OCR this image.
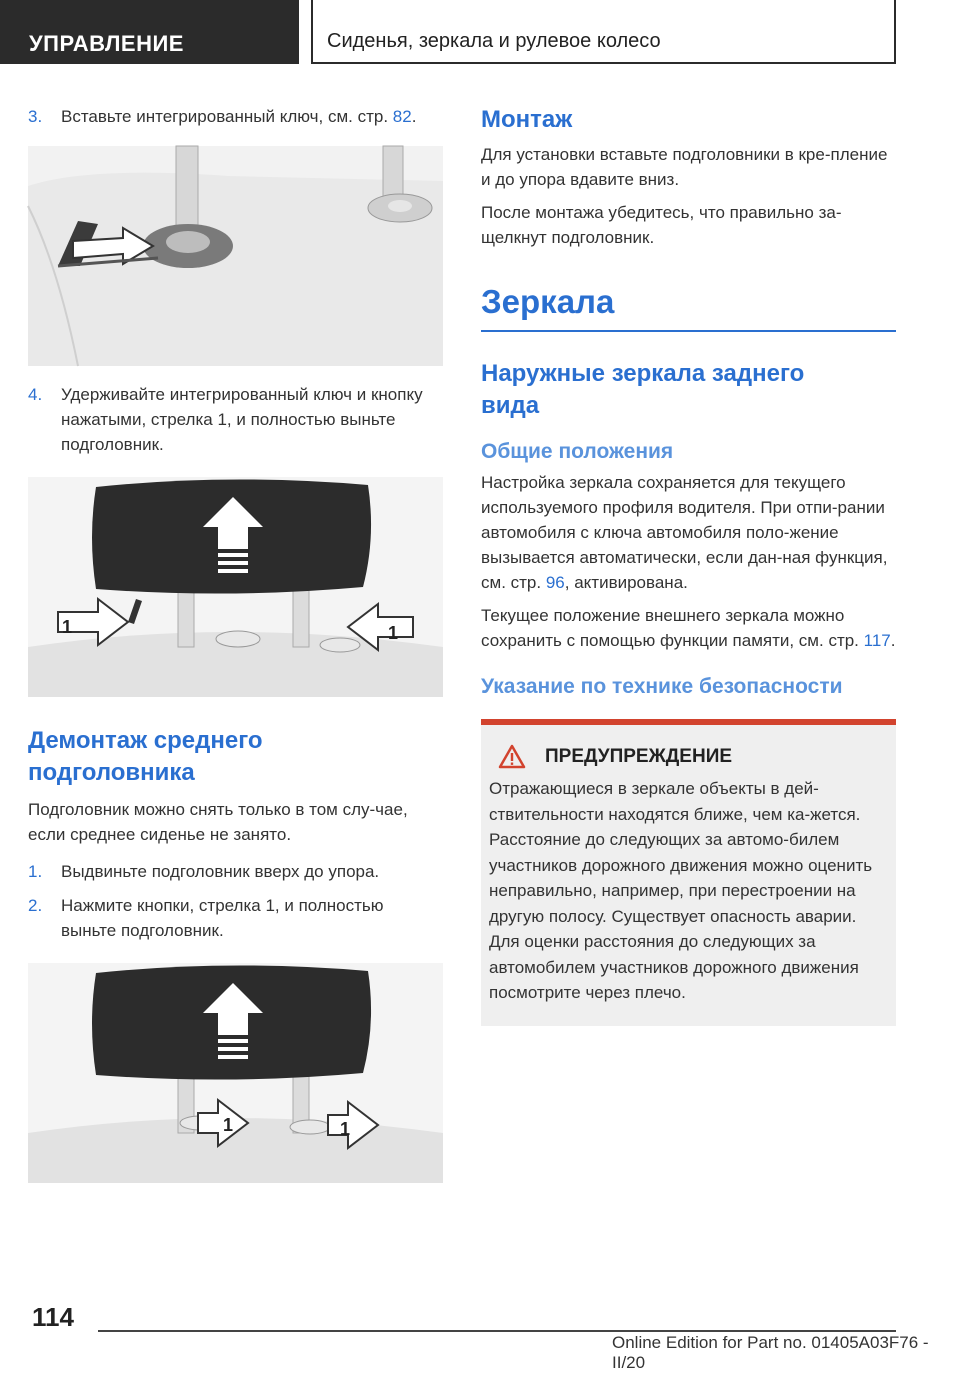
УПРАВЛЕНИЕ	Сиденья, зеркала и рулевое колесо
3.	Вставьте интегрированный ключ, см. стр. 82.
4.	Удерживайте интегрированный ключ и кнопку нажатыми, стрелка 1, и полностью выньте подголовник.
1	1
Демонтаж среднего подголовника

Подголовник можно снять только в том слу-чае, если среднее сиденье не занято.

1.	Выдвиньте подголовник вверх до упора.
2.	Нажмите кнопки, стрелка 1, и полностью выньте подголовник.
1	1
Монтаж

Для установки вставьте подголовники в кре-пление и до упора вдавите вниз.

После монтажа убедитесь, что правильно за-щелкнут подголовник.

Зеркала
Наружные зеркала заднего вида
Общие положения

Настройка зеркала сохраняется для текущего используемого профиля водителя. При отпи-рании автомобиля с ключа автомобиля поло-жение вызывается автоматически, если дан-ная функция, см. стр. 96, активирована.

Текущее положение внешнего зеркала можно сохранить с помощью функции памяти, см. стр. 117.

Указание по технике безопасности
ПРЕДУПРЕЖДЕНИЕ

Отражающиеся в зеркале объекты в дей-ствительности находятся ближе, чем ка-жется. Расстояние до следующих за автомо-билем участников дорожного движения можно оценить неправильно, например, при перестроении на другую полосу. Существует опасность аварии. Для оценки расстояния до следующих за автомобилем участников дорожного движения посмотрите через плечо.

114
Online Edition for Part no. 01405A03F76 - II/20
